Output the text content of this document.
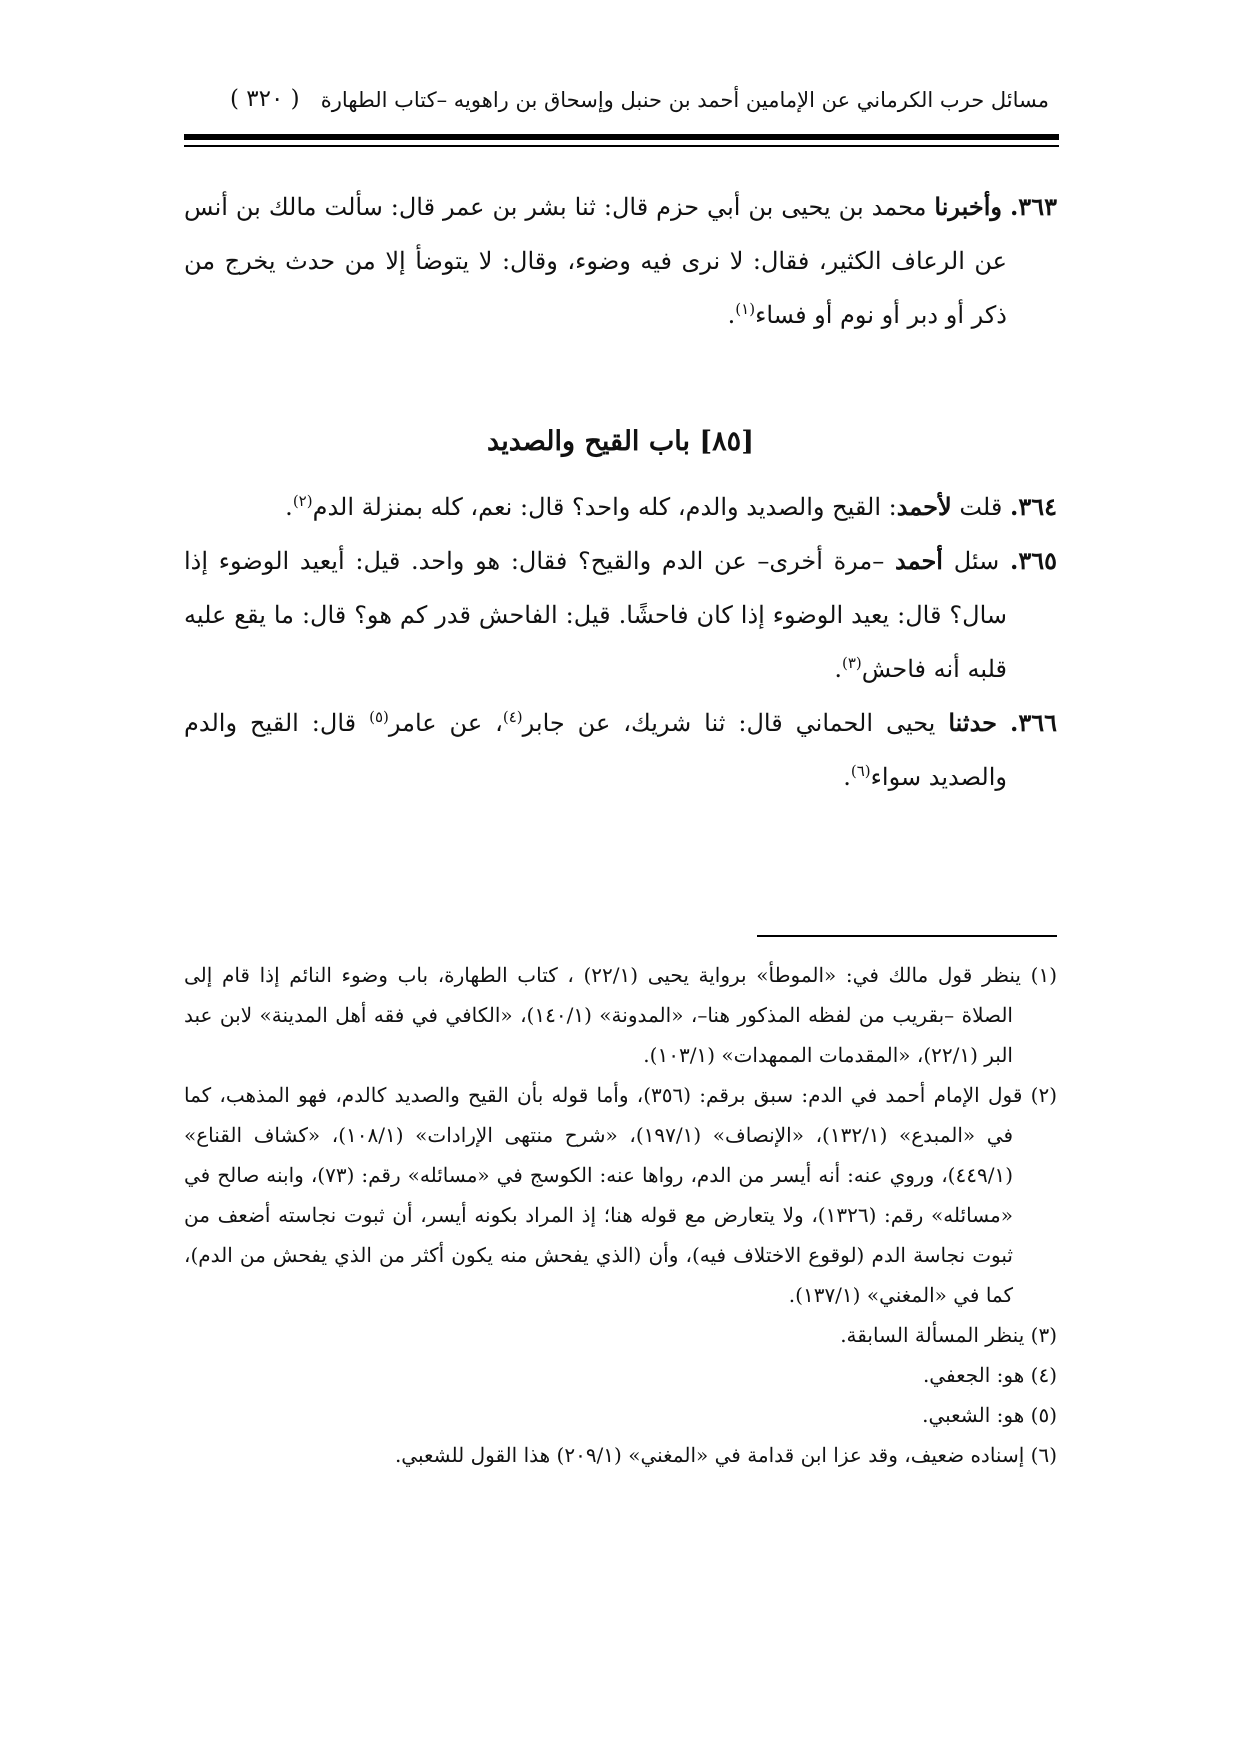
مسائل حرب الكرماني عن الإمامين أحمد بن حنبل وإسحاق بن راهويه –كتاب الطهارة
( ٣٢٠ )

٣٦٣. وأخبرنا محمد بن يحيى بن أبي حزم قال: ثنا بشر بن عمر قال: سألت مالك بن أنس عن الرعاف الكثير، فقال: لا نرى فيه وضوء، وقال: لا يتوضأ إلا من حدث يخرج من ذكر أو دبر أو نوم أو فساء$^{(١)}$.

[٨٥] باب القيح والصديد

٣٦٤. قلت لأحمد: القيح والصديد والدم، كله واحد؟ قال: نعم، كله بمنزلة الدم$^{(٢)}$.

٣٦٥. سئل أحمد –مرة أخرى– عن الدم والقيح؟ فقال: هو واحد. قيل: أيعيد الوضوء إذا سال؟ قال: يعيد الوضوء إذا كان فاحشًا. قيل: الفاحش قدر كم هو؟ قال: ما يقع عليه قلبه أنه فاحش$^{(٣)}$.

٣٦٦. حدثنا يحيى الحماني قال: ثنا شريك، عن جابر$^{(٤)}$، عن عامر$^{(٥)}$ قال: القيح والدم والصديد سواء$^{(٦)}$.

(١) ينظر قول مالك في: «الموطأ» برواية يحيى (٢٢/١) ، كتاب الطهارة، باب وضوء النائم إذا قام إلى الصلاة –بقريب من لفظه المذكور هنا–، «المدونة» (١٤٠/١)، «الكافي في فقه أهل المدينة» لابن عبد البر (٢٢/١)، «المقدمات الممهدات» (١٠٣/١).

(٢) قول الإمام أحمد في الدم: سبق برقم: (٣٥٦)، وأما قوله بأن القيح والصديد كالدم، فهو المذهب، كما في «المبدع» (١٣٢/١)، «الإنصاف» (١٩٧/١)، «شرح منتهى الإرادات» (١٠٨/١)، «كشاف القناع» (٤٤٩/١)، وروي عنه: أنه أيسر من الدم، رواها عنه: الكوسج في «مسائله» رقم: (٧٣)، وابنه صالح في «مسائله» رقم: (١٣٢٦)، ولا يتعارض مع قوله هنا؛ إذ المراد بكونه أيسر، أن ثبوت نجاسته أضعف من ثبوت نجاسة الدم (لوقوع الاختلاف فيه)، وأن (الذي يفحش منه يكون أكثر من الذي يفحش من الدم)، كما في «المغني» (١٣٧/١).

(٣) ينظر المسألة السابقة.

(٤) هو: الجعفي.

(٥) هو: الشعبي.

(٦) إسناده ضعيف، وقد عزا ابن قدامة في «المغني» (٢٠٩/١) هذا القول للشعبي.
